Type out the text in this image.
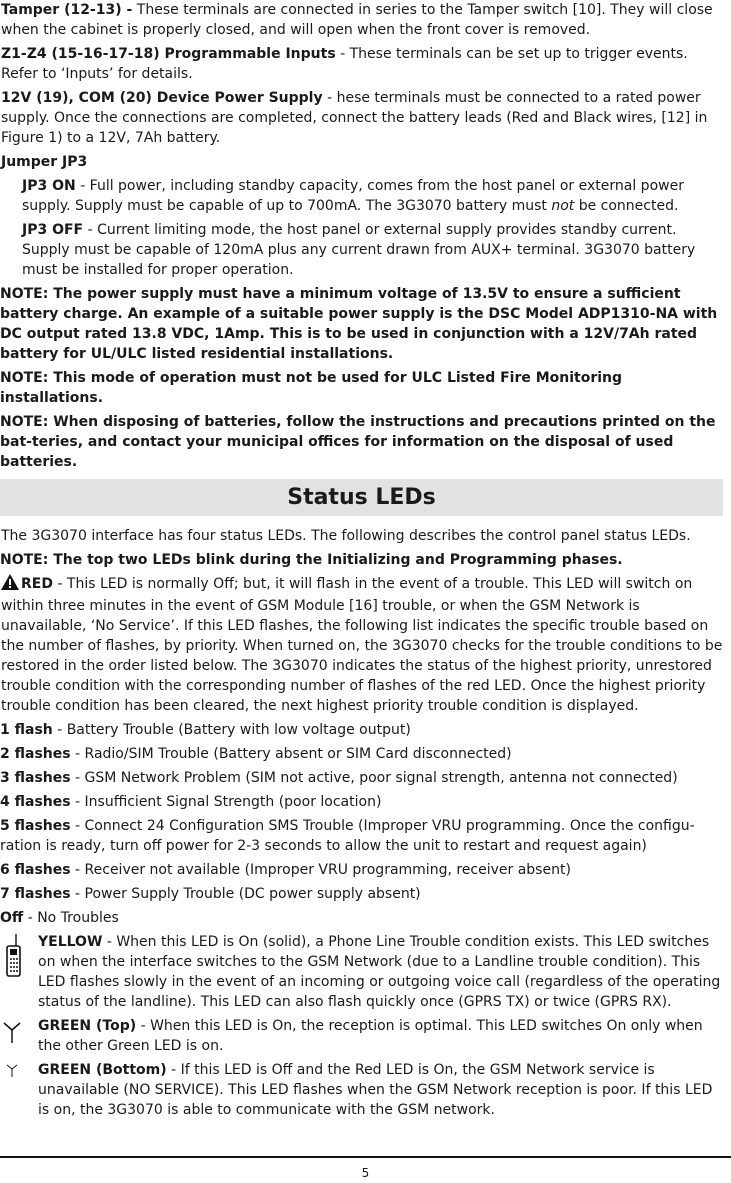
Tamper (12-13) - These terminals are connected in series to the Tamper switch [10]. They will close when the cabinet is properly closed, and will open when the front cover is removed.

Z1-Z4 (15-16-17-18) Programmable Inputs - These terminals can be set up to trigger events. Refer to ‘Inputs’ for details.

12V (19), COM (20) Device Power Supply - hese terminals must be connected to a rated power supply. Once the connections are completed, connect the battery leads (Red and Black wires, [12] in Figure 1) to a 12V, 7Ah battery.

Jumper JP3

JP3 ON - Full power, including standby capacity, comes from the host panel or external power supply. Supply must be capable of up to 700mA. The 3G3070 battery must not be connected.

JP3 OFF - Current limiting mode, the host panel or external supply provides standby current. Supply must be capable of 120mA plus any current drawn from AUX+ terminal. 3G3070 battery must be installed for proper operation.

NOTE: The power supply must have a minimum voltage of 13.5V to ensure a sufficient battery charge. An example of a suitable power supply is the DSC Model ADP1310-NA with DC output rated 13.8 VDC, 1Amp. This is to be used in conjunction with a 12V/7Ah rated battery for UL/ULC listed residential installations.

NOTE: This mode of operation must not be used for ULC Listed Fire Monitoring installations.

NOTE: When disposing of batteries, follow the instructions and precautions printed on the bat-teries, and contact your municipal offices for information on the disposal of used batteries.

Status LEDs

The 3G3070 interface has four status LEDs. The following describes the control panel status LEDs.

NOTE: The top two LEDs blink during the Initializing and Programming phases.

RED - This LED is normally Off; but, it will flash in the event of a trouble. This LED will switch on within three minutes in the event of GSM Module [16] trouble, or when the GSM Network is unavailable, ‘No Service’. If this LED flashes, the following list indicates the specific trouble based on the number of flashes, by priority. When turned on, the 3G3070 checks for the trouble conditions to be restored in the order listed below. The 3G3070 indicates the status of the highest priority, unrestored trouble condition with the corresponding number of flashes of the red LED. Once the highest priority trouble condition has been cleared, the next highest priority trouble condition is displayed.

1 flash - Battery Trouble (Battery with low voltage output)

2 flashes - Radio/SIM Trouble (Battery absent or SIM Card disconnected)

3 flashes - GSM Network Problem (SIM not active, poor signal strength, antenna not connected)

4 flashes - Insufficient Signal Strength (poor location)

5 flashes - Connect 24 Configuration SMS Trouble (Improper VRU programming. Once the configu-ration is ready, turn off power for 2-3 seconds to allow the unit to restart and request again)

6 flashes - Receiver not available (Improper VRU programming, receiver absent)

7 flashes - Power Supply Trouble (DC power supply absent)

Off - No Troubles

YELLOW - When this LED is On (solid), a Phone Line Trouble condition exists. This LED switches on when the interface switches to the GSM Network (due to a Landline trouble condition). This LED flashes slowly in the event of an incoming or outgoing voice call (regardless of the operating status of the landline). This LED can also flash quickly once (GPRS TX) or twice (GPRS RX).

GREEN (Top) - When this LED is On, the reception is optimal. This LED switches On only when the other Green LED is on.

GREEN (Bottom) - If this LED is Off and the Red LED is On, the GSM Network service is unavailable (NO SERVICE). This LED flashes when the GSM Network reception is poor. If this LED is on, the 3G3070 is able to communicate with the GSM network.

5
